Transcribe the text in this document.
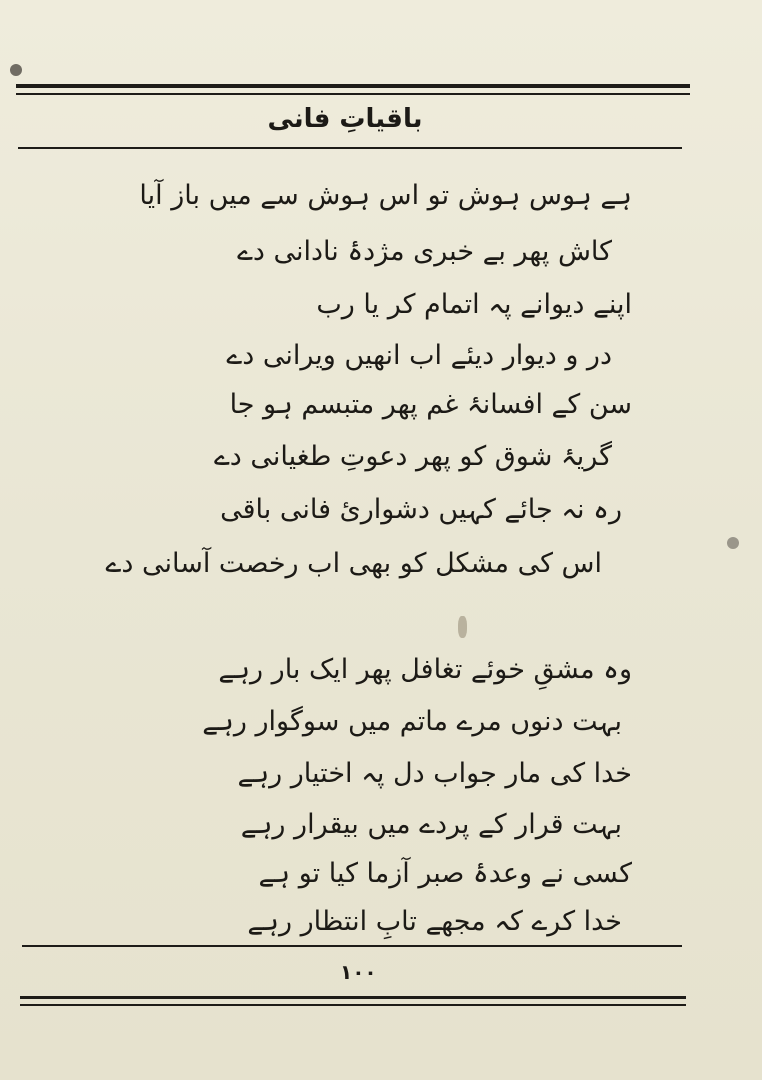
باقیاتِ فانی
ہے ہوس ہوش تو اس ہوش سے میں باز آیا
کاش پھر بے خبری مژدۂ نادانی دے
اپنے دیوانے پہ اتمام کر یا رب
در و دیوار دیئے اب انھیں ویرانی دے
سن کے افسانۂ غم پھر متبسم ہو جا
گریۂ شوق کو پھر دعوتِ طغیانی دے
رہ نہ جائے کہیں دشواریٔ فانی باقی
اس کی مشکل کو بھی اب رخصت آسانی دے
وہ مشقِ خوئے تغافل پھر ایک بار رہے
بہت دنوں مرے ماتم میں سوگوار رہے
خدا کی مار جواب دل پہ اختیار رہے
بہت قرار کے پردے میں بیقرار رہے
کسی نے وعدۂ صبر آزما کیا تو ہے
خدا کرے کہ مجھے تابِ انتظار رہے
۱۰۰
